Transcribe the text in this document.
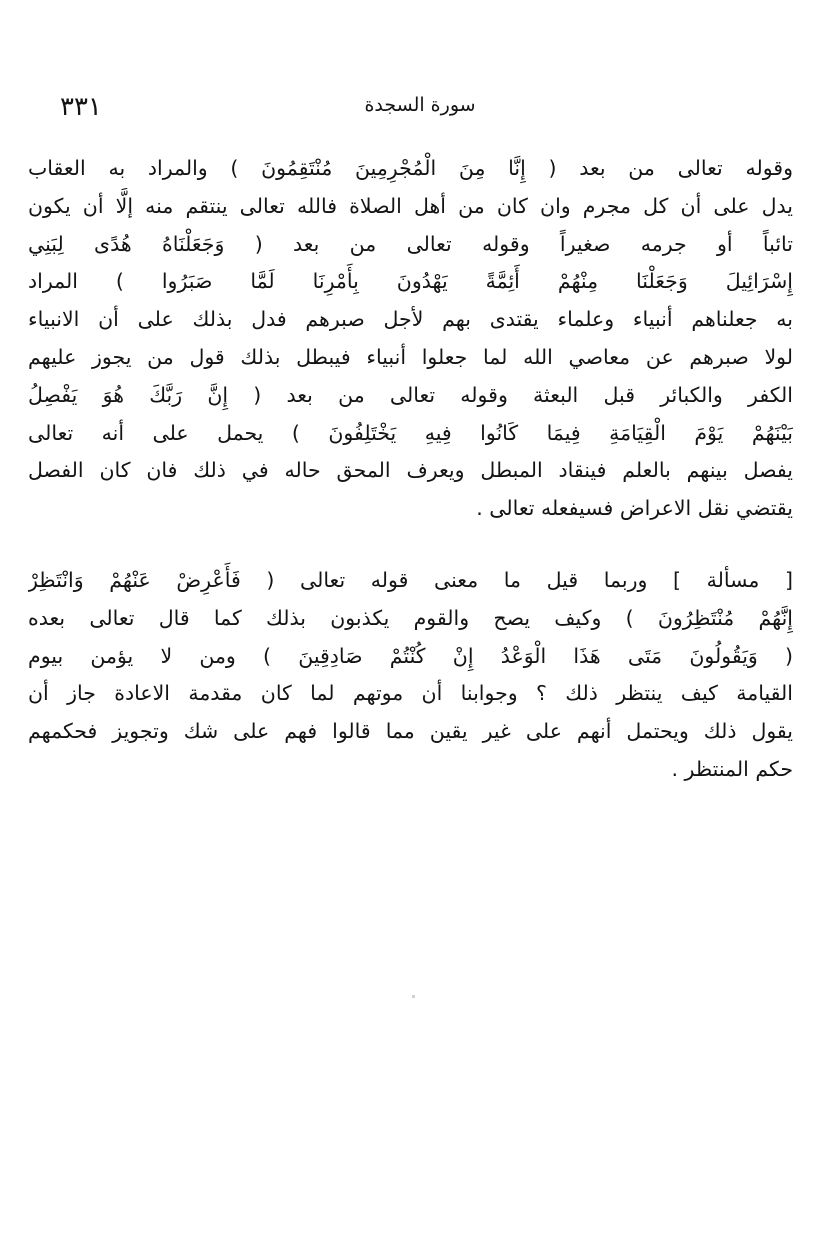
٣٣١	سورة السجدة
وقوله تعالى من بعد ( إِنَّا مِنَ الْمُجْرِمِينَ مُنْتَقِمُونَ ) والمراد به العقاب
يدل على أن كل مجرم وان كان من أهل الصلاة فالله تعالى ينتقم منه إلَّا أن يكون
تائباً أو جرمه صغيراً وقوله تعالى من بعد ( وَجَعَلْنَاهُ هُدًى لِبَنِي
إِسْرَائِيلَ وَجَعَلْنَا مِنْهُمْ أَئِمَّةً يَهْدُونَ بِأَمْرِنَا لَمَّا صَبَرُوا ) المراد
به جعلناهم أنبياء وعلماء يقتدى بهم لأجل صبرهم فدل بذلك على أن الانبياء
لولا صبرهم عن معاصي الله لما جعلوا أنبياء فيبطل بذلك قول من يجوز عليهم
الكفر والكبائر قبل البعثة وقوله تعالى من بعد ( إِنَّ رَبَّكَ هُوَ يَفْصِلُ
بَيْنَهُمْ يَوْمَ الْقِيَامَةِ فِيمَا كَانُوا فِيهِ يَخْتَلِفُونَ ) يحمل على أنه تعالى
يفصل بينهم بالعلم فينقاد المبطل ويعرف المحق حاله في ذلك فان كان الفصل
يقتضي نقل الاعراض فسيفعله تعالى .
[ مسألة ] وربما قيل ما معنى قوله تعالى ( فَأَعْرِضْ عَنْهُمْ وَانْتَظِرْ
إِنَّهُمْ مُنْتَظِرُونَ ) وكيف يصح والقوم يكذبون بذلك كما قال تعالى بعده
( وَيَقُولُونَ مَتَى هَذَا الْوَعْدُ إِنْ كُنْتُمْ صَادِقِينَ ) ومن لا يؤمن بيوم
القيامة كيف ينتظر ذلك ؟ وجوابنا أن موتهم لما كان مقدمة الاعادة جاز أن
يقول ذلك ويحتمل أنهم على غير يقين مما قالوا فهم على شك وتجويز فحكمهم
حكم المنتظر .
